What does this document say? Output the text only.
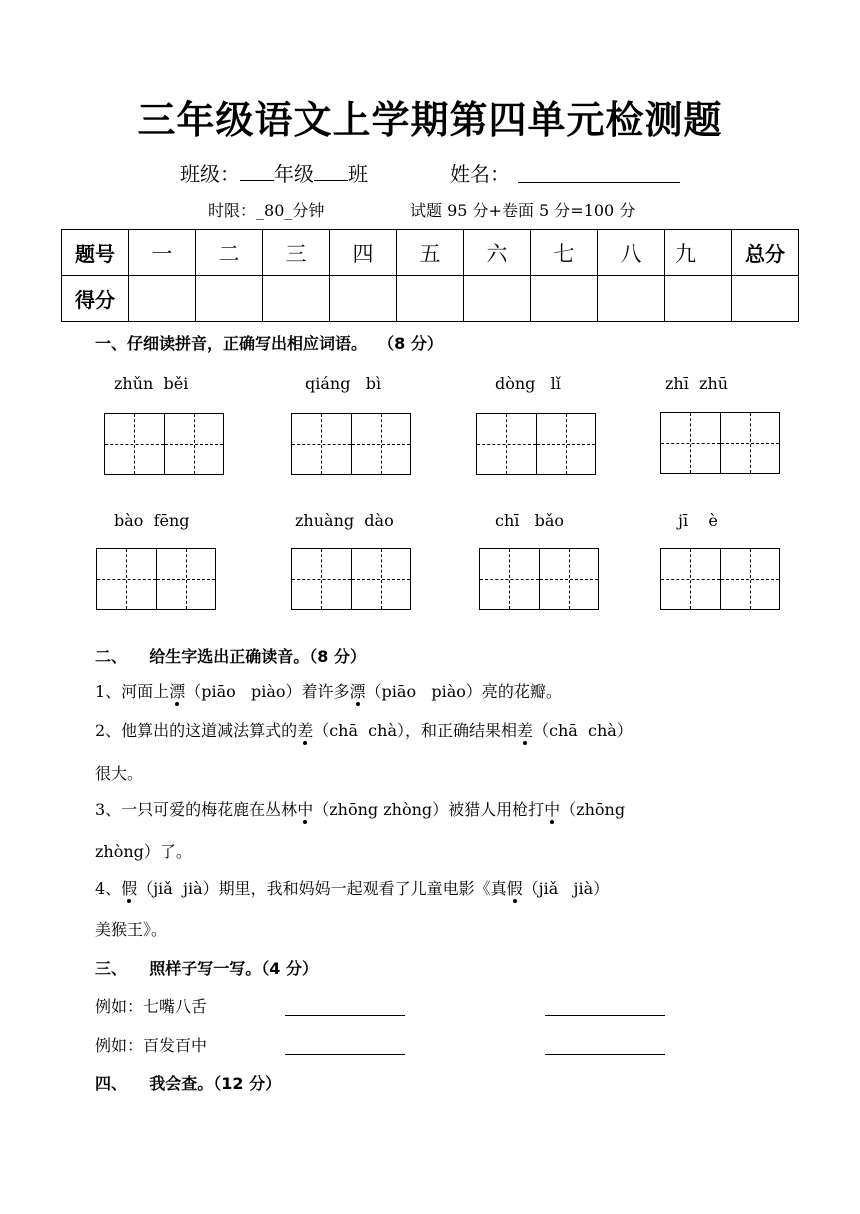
三年级语文上学期第四单元检测题
班级： 年级 班	姓名：
时限：_80_分钟	试题 95 分+卷面 5 分=100 分
题号	一	二	三	四	五	六	七	八	九	总分
得分										
一、仔细读拼音，正确写出相应词语。  （8 分）
zhǔn  běi	qiáng   bì	dòng   lǐ	zhī  zhū
bào  fēng	zhuàng  dào	chī   bǎo	jī    è
二、    给生字选出正确读音。（8 分）
1、河面上漂（piāo   piào）着许多漂（piāo   piào）亮的花瓣。
2、他算出的这道减法算式的差（chā  chà），和正确结果相差（chā  chà）
很大。
3、一只可爱的梅花鹿在丛林中（zhōng zhòng）被猎人用枪打中（zhōng
zhòng）了。
4、假（jiǎ  jià）期里，我和妈妈一起观看了儿童电影《真假（jiǎ   jià）
美猴王》。
三、    照样子写一写。（4 分）
例如：七嘴八舌
例如：百发百中
四、    我会查。（12 分）
